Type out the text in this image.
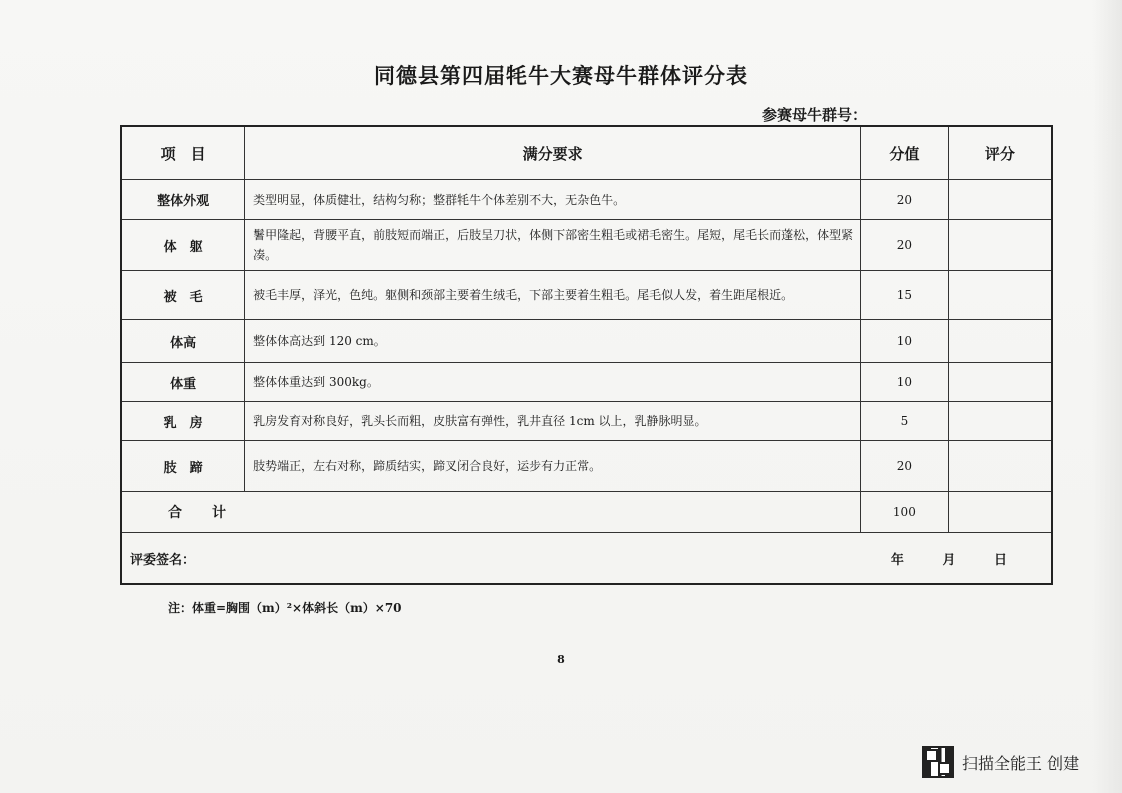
同德县第四届牦牛大赛母牛群体评分表
参赛母牛群号：
项　目	满分要求	分值	评分
整体外观	类型明显，体质健壮，结构匀称；整群牦牛个体差别不大，无杂色牛。	20	
体　躯	鬐甲隆起，背腰平直，前肢短而端正，后肢呈刀状，体侧下部密生粗毛或裙毛密生。尾短，尾毛长而蓬松，体型紧凑。	20	
被　毛	被毛丰厚，泽光，色纯。躯侧和颈部主要着生绒毛，下部主要着生粗毛。尾毛似人发，着生距尾根近。	15	
体高	整体体高达到 120 cm。	10	
体重	整体体重达到 300kg。	10	
乳　房	乳房发育对称良好，乳头长而粗，皮肤富有弹性，乳井直径 1cm 以上，乳静脉明显。	5	
肢　蹄	肢势端正，左右对称，蹄质结实，蹄叉闭合良好，运步有力正常。	20	
合计		100	

评委签名： 年 月 日			
注：体重=胸围（m）²×体斜长（m）×70
8
扫描全能王 创建
